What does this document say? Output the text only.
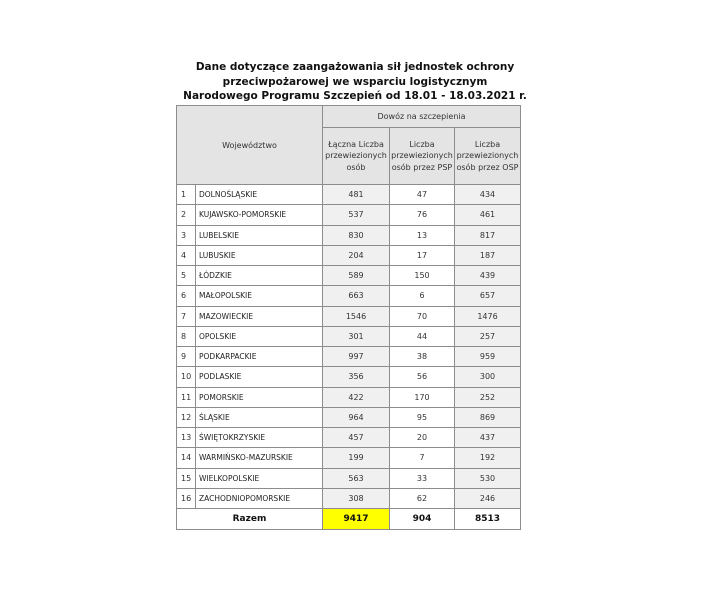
Dane dotyczące zaangażowania sił jednostek ochrony
przeciwpożarowej we wsparciu logistycznym
Narodowego Programu Szczepień od 18.01 - 18.03.2021 r.
Województwo		Dowóz na szczepienia		
		Łączna Liczba przewiezionych osób	Liczba przewiezionych osób przez PSP	Liczba przewiezionych osób przez OSP
1	DOLNOŚLĄSKIE	481	47	434
2	KUJAWSKO-POMORSKIE	537	76	461
3	LUBELSKIE	830	13	817
4	LUBUSKIE	204	17	187
5	ŁÓDZKIE	589	150	439
6	MAŁOPOLSKIE	663	6	657
7	MAZOWIECKIE	1546	70	1476
8	OPOLSKIE	301	44	257
9	PODKARPACKIE	997	38	959
10	PODLASKIE	356	56	300
11	POMORSKIE	422	170	252
12	ŚLĄSKIE	964	95	869
13	ŚWIĘTOKRZYSKIE	457	20	437
14	WARMIŃSKO-MAZURSKIE	199	7	192
15	WIELKOPOLSKIE	563	33	530
16	ZACHODNIOPOMORSKIE	308	62	246
Razem		9417	904	8513
